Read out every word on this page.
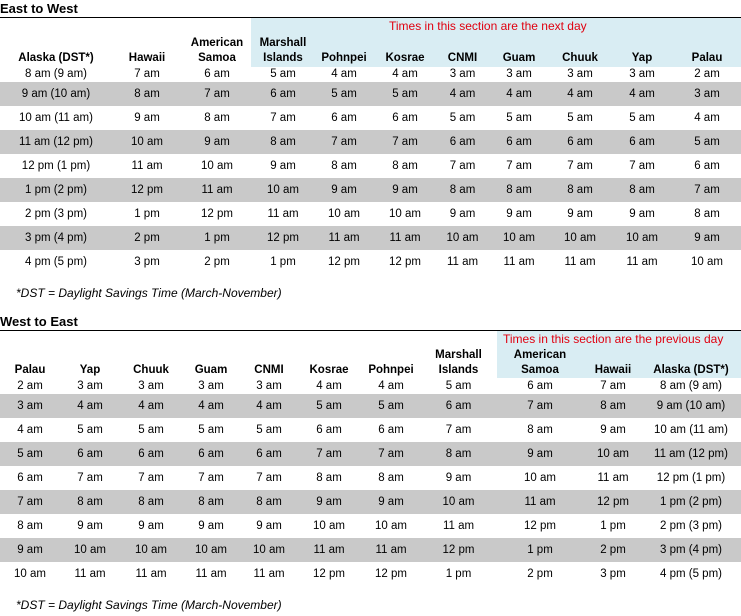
East to West
Times in this section are the next day
Alaska (DST*)	Hawaii	American Samoa	Marshall Islands	Pohnpei	Kosrae	CNMI	Guam	Chuuk	Yap	Palau
8 am (9 am)	7 am	6 am	5 am	4 am	4 am	3 am	3 am	3 am	3 am	2 am
9 am (10 am)	8 am	7 am	6 am	5 am	5 am	4 am	4 am	4 am	4 am	3 am
10 am (11 am)	9 am	8 am	7 am	6 am	6 am	5 am	5 am	5 am	5 am	4 am
11 am (12 pm)	10 am	9 am	8 am	7 am	7 am	6 am	6 am	6 am	6 am	5 am
12 pm (1 pm)	11 am	10 am	9 am	8 am	8 am	7 am	7 am	7 am	7 am	6 am
1 pm (2 pm)	12 pm	11 am	10 am	9 am	9 am	8 am	8 am	8 am	8 am	7 am
2 pm (3 pm)	1 pm	12 pm	11 am	10 am	10 am	9 am	9 am	9 am	9 am	8 am
3 pm (4 pm)	2 pm	1 pm	12 pm	11 am	11 am	10 am	10 am	10 am	10 am	9 am
4 pm (5 pm)	3 pm	2 pm	1 pm	12 pm	12 pm	11 am	11 am	11 am	11 am	10 am
*DST = Daylight Savings Time (March-November)
West to East
Times in this section are the previous day
Palau	Yap	Chuuk	Guam	CNMI	Kosrae	Pohnpei	Marshall Islands	American Samoa	Hawaii	Alaska (DST*)
2 am	3 am	3 am	3 am	3 am	4 am	4 am	5 am	6 am	7 am	8 am (9 am)
3 am	4 am	4 am	4 am	4 am	5 am	5 am	6 am	7 am	8 am	9 am (10 am)
4 am	5 am	5 am	5 am	5 am	6 am	6 am	7 am	8 am	9 am	10 am (11 am)
5 am	6 am	6 am	6 am	6 am	7 am	7 am	8 am	9 am	10 am	11 am (12 pm)
6 am	7 am	7 am	7 am	7 am	8 am	8 am	9 am	10 am	11 am	12 pm (1 pm)
7 am	8 am	8 am	8 am	8 am	9 am	9 am	10 am	11 am	12 pm	1 pm (2 pm)
8 am	9 am	9 am	9 am	9 am	10 am	10 am	11 am	12 pm	1 pm	2 pm (3 pm)
9 am	10 am	10 am	10 am	10 am	11 am	11 am	12 pm	1 pm	2 pm	3 pm (4 pm)
10 am	11 am	11 am	11 am	11 am	12 pm	12 pm	1 pm	2 pm	3 pm	4 pm (5 pm)
*DST = Daylight Savings Time (March-November)
